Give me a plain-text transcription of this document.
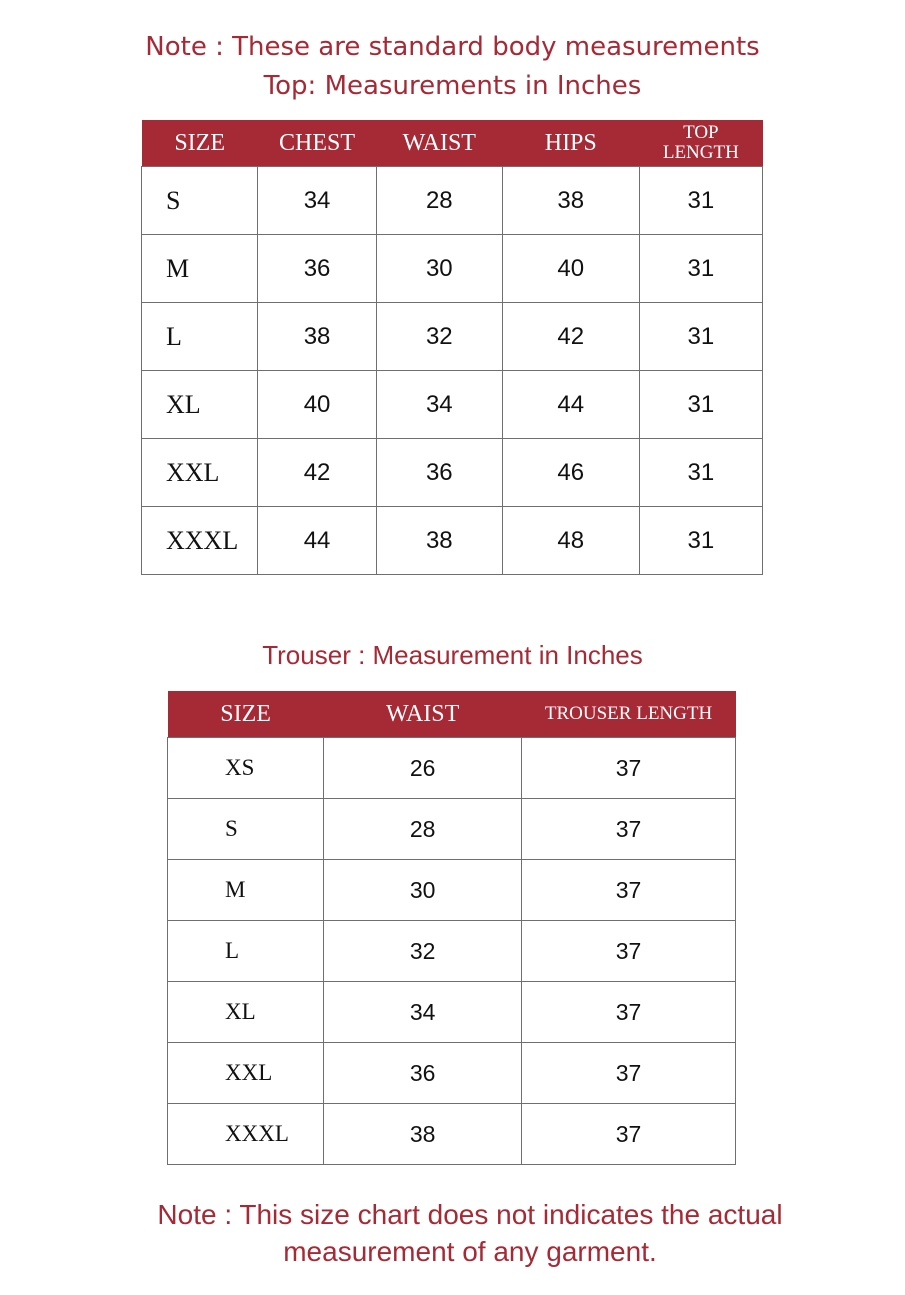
Note : These are standard body measurements
Top: Measurements in Inches
SIZE	CHEST	WAIST	HIPS	TOP
LENGTH
S	34	28	38	31
M	36	30	40	31
L	38	32	42	31
XL	40	34	44	31
XXL	42	36	46	31
XXXL	44	38	48	31
Trouser : Measurement in Inches
SIZE	WAIST	TROUSER LENGTH
XS	26	37
S	28	37
M	30	37
L	32	37
XL	34	37
XXL	36	37
XXXL	38	37
Note : This size chart does not indicates the actual
measurement of any garment.
